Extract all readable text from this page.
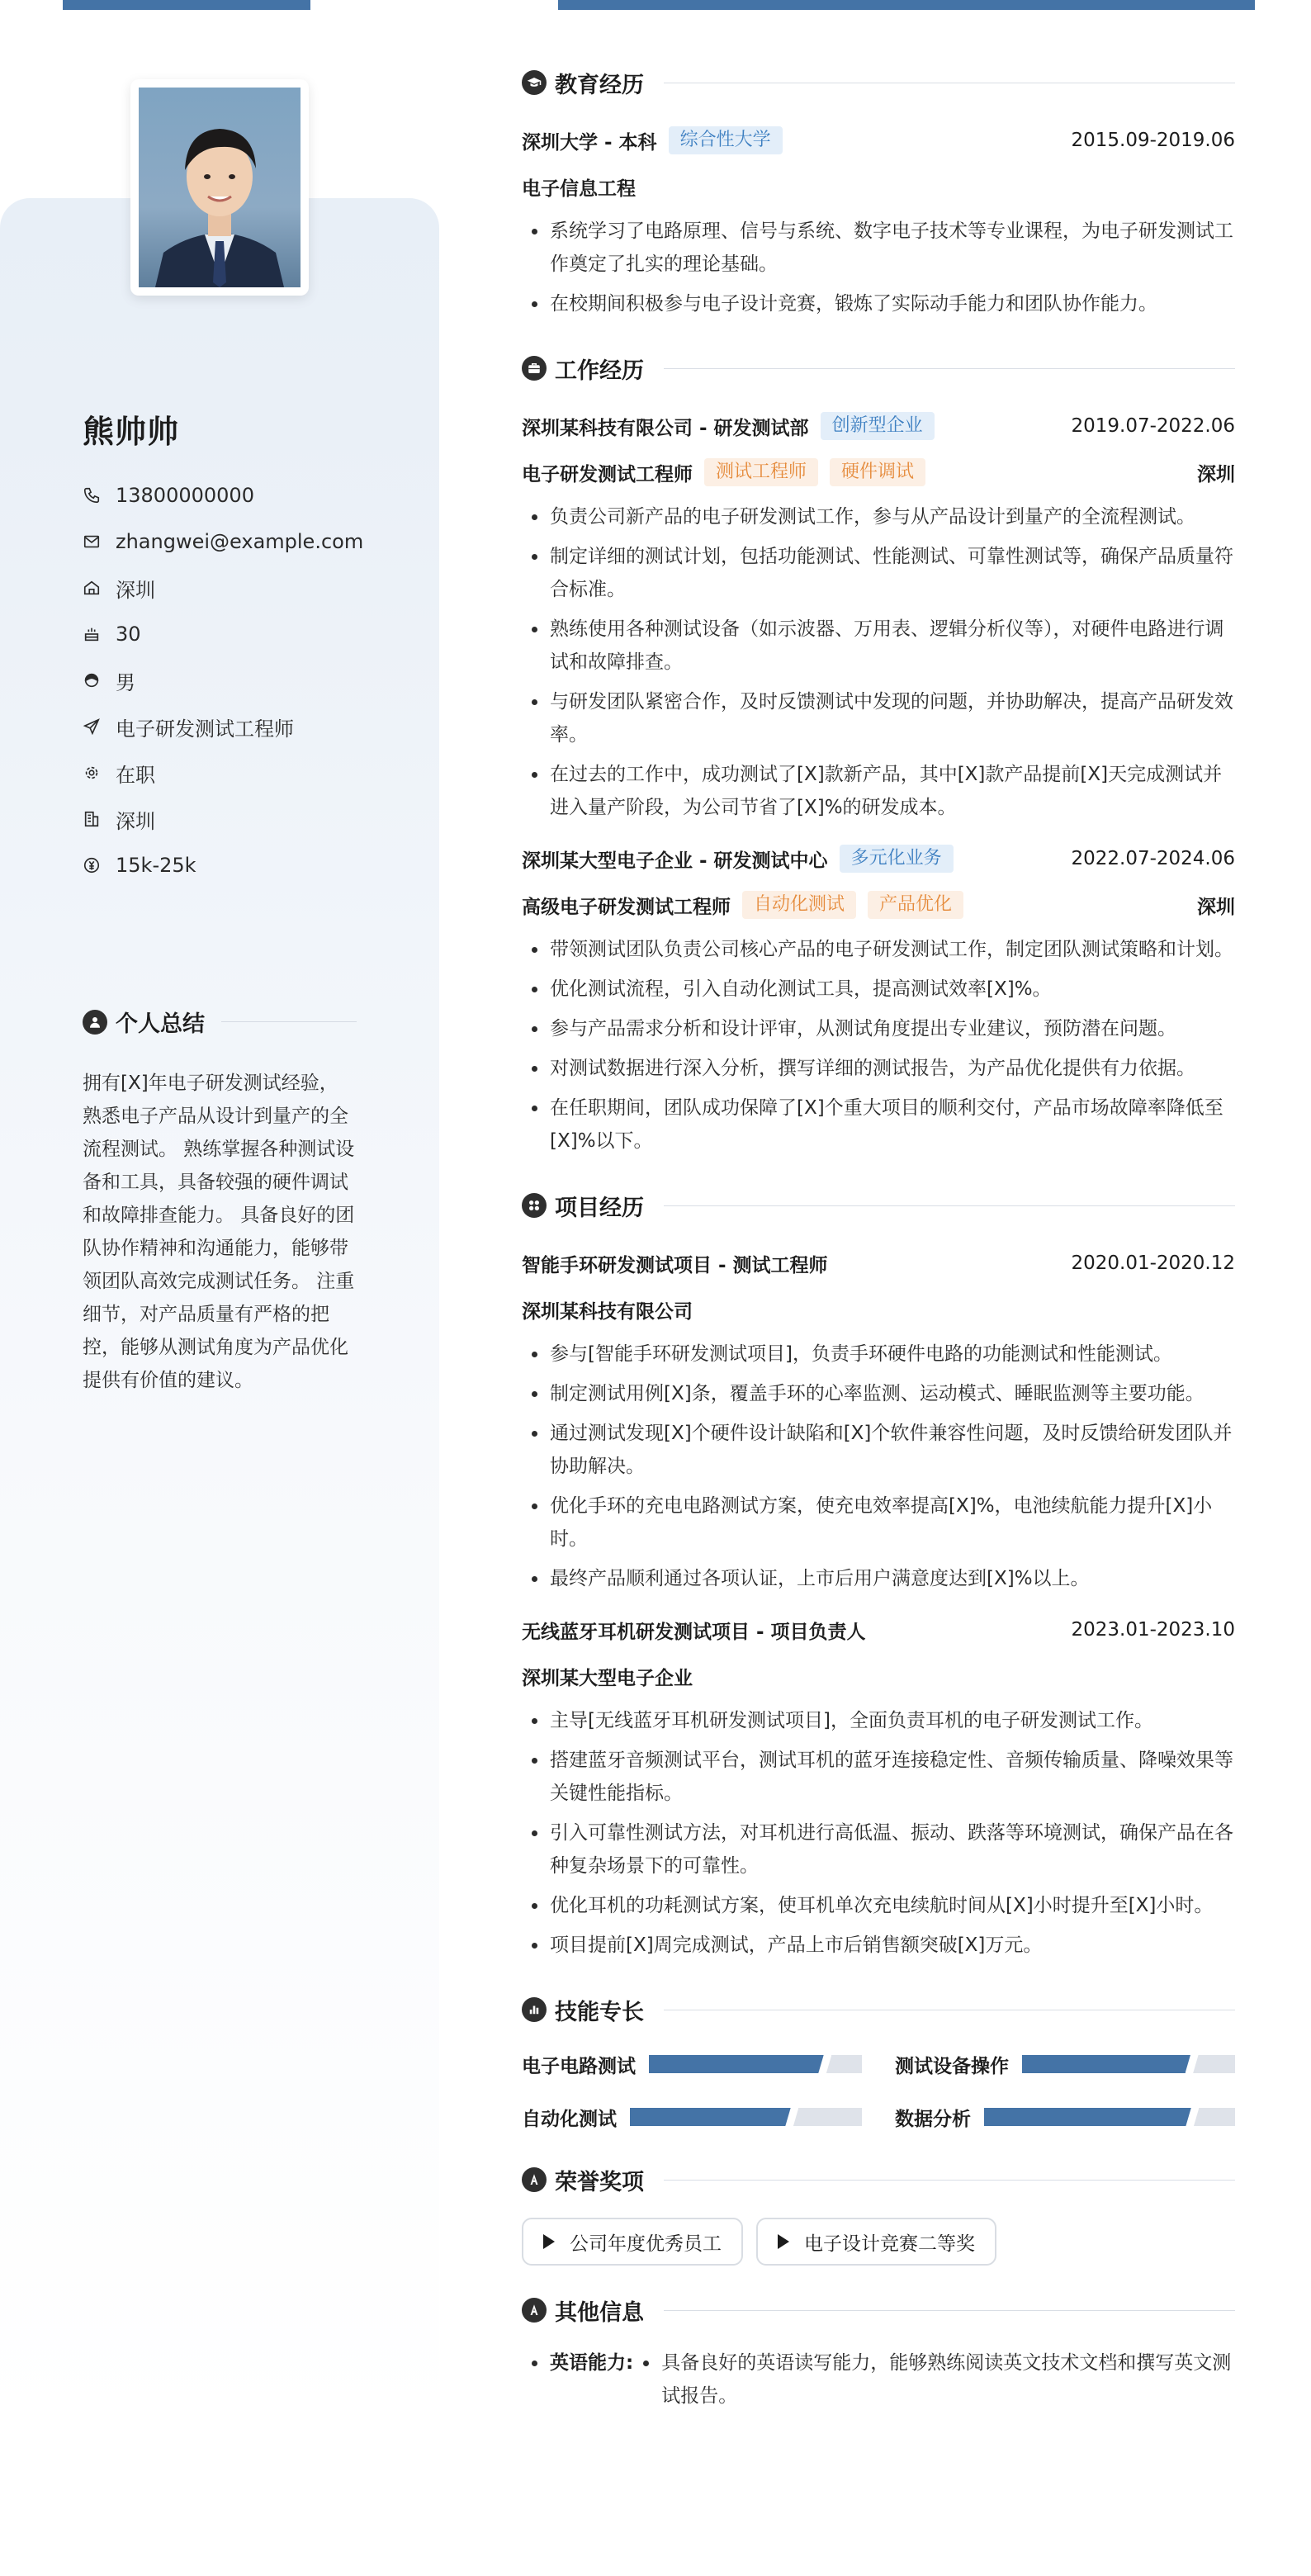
熊帅帅
13800000000
zhangwei@example.com
深圳
30
男
电子研发测试工程师
在职
深圳
15k-25k
个人总结
拥有[X]年电子研发测试经验，熟悉电子产品从设计到量产的全流程测试。 熟练掌握各种测试设备和工具，具备较强的硬件调试和故障排查能力。 具备良好的团队协作精神和沟通能力，能够带领团队高效完成测试任务。 注重细节，对产品质量有严格的把控，能够从测试角度为产品优化提供有价值的建议。
教育经历
深圳大学 - 本科	综合性大学	2015.09-2019.06
电子信息工程
系统学习了电路原理、信号与系统、数字电子技术等专业课程，为电子研发测试工作奠定了扎实的理论基础。
在校期间积极参与电子设计竞赛，锻炼了实际动手能力和团队协作能力。
工作经历
深圳某科技有限公司 - 研发测试部	创新型企业	2019.07-2022.06
电子研发测试工程师	测试工程师	硬件调试	深圳
负责公司新产品的电子研发测试工作，参与从产品设计到量产的全流程测试。
制定详细的测试计划，包括功能测试、性能测试、可靠性测试等，确保产品质量符合标准。
熟练使用各种测试设备（如示波器、万用表、逻辑分析仪等），对硬件电路进行调试和故障排查。
与研发团队紧密合作，及时反馈测试中发现的问题，并协助解决，提高产品研发效率。
在过去的工作中，成功测试了[X]款新产品，其中[X]款产品提前[X]天完成测试并进入量产阶段，为公司节省了[X]%的研发成本。
深圳某大型电子企业 - 研发测试中心	多元化业务	2022.07-2024.06
高级电子研发测试工程师	自动化测试	产品优化	深圳
带领测试团队负责公司核心产品的电子研发测试工作，制定团队测试策略和计划。
优化测试流程，引入自动化测试工具，提高测试效率[X]%。
参与产品需求分析和设计评审，从测试角度提出专业建议，预防潜在问题。
对测试数据进行深入分析，撰写详细的测试报告，为产品优化提供有力依据。
在任职期间，团队成功保障了[X]个重大项目的顺利交付，产品市场故障率降低至[X]%以下。
项目经历
智能手环研发测试项目 - 测试工程师	2020.01-2020.12
深圳某科技有限公司
参与[智能手环研发测试项目]，负责手环硬件电路的功能测试和性能测试。
制定测试用例[X]条，覆盖手环的心率监测、运动模式、睡眠监测等主要功能。
通过测试发现[X]个硬件设计缺陷和[X]个软件兼容性问题，及时反馈给研发团队并协助解决。
优化手环的充电电路测试方案，使充电效率提高[X]%，电池续航能力提升[X]小时。
最终产品顺利通过各项认证，上市后用户满意度达到[X]%以上。
无线蓝牙耳机研发测试项目 - 项目负责人	2023.01-2023.10
深圳某大型电子企业
主导[无线蓝牙耳机研发测试项目]，全面负责耳机的电子研发测试工作。
搭建蓝牙音频测试平台，测试耳机的蓝牙连接稳定性、音频传输质量、降噪效果等关键性能指标。
引入可靠性测试方法，对耳机进行高低温、振动、跌落等环境测试，确保产品在各种复杂场景下的可靠性。
优化耳机的功耗测试方案，使耳机单次充电续航时间从[X]小时提升至[X]小时。
项目提前[X]周完成测试，产品上市后销售额突破[X]万元。
技能专长
电子电路测试	测试设备操作
自动化测试	数据分析
荣誉奖项
公司年度优秀员工	电子设计竞赛二等奖
其他信息
英语能力:	具备良好的英语读写能力，能够熟练阅读英文技术文档和撰写英文测试报告。
